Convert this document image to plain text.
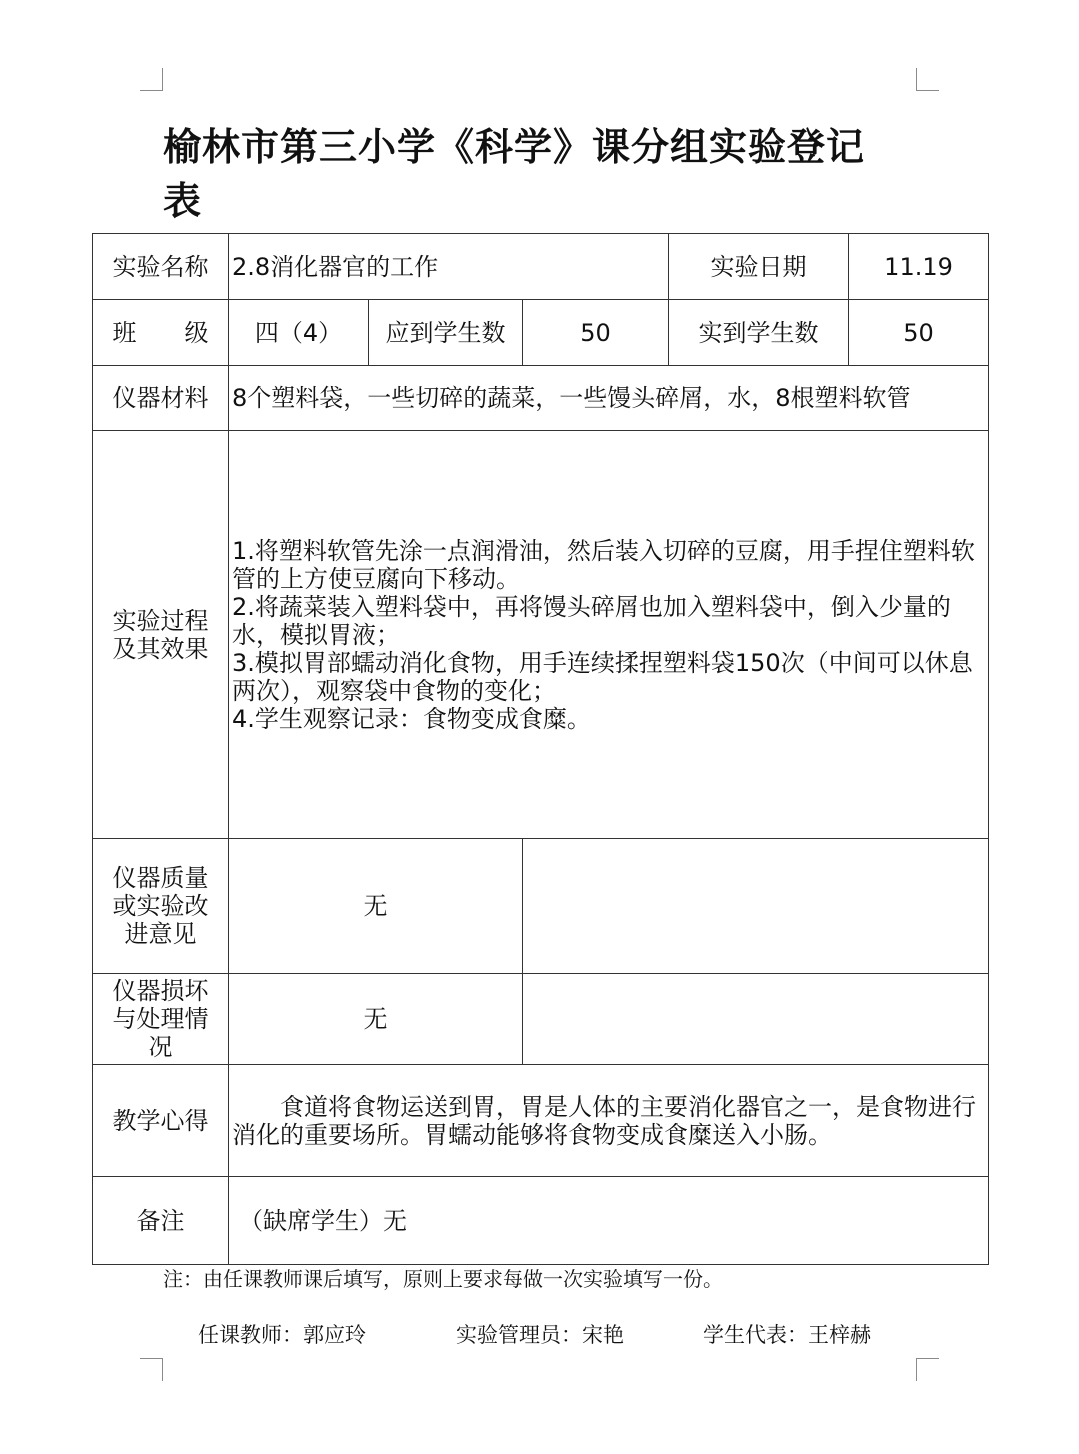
榆林市第三小学《科学》课分组实验登记表
实验名称	2.8消化器官的工作			实验日期	11.19
班　　级	四（4）	应到学生数	50	实到学生数	50
仪器材料	8个塑料袋，一些切碎的蔬菜，一些馒头碎屑，水，8根塑料软管				

实验过程
及其效果	1.将塑料软管先涂一点润滑油，然后装入切碎的豆腐，用手捏住塑料软管的上方使豆腐向下移动。
2.将蔬菜装入塑料袋中，再将馒头碎屑也加入塑料袋中，倒入少量的水，模拟胃液；
3.模拟胃部蠕动消化食物，用手连续揉捏塑料袋150次（中间可以休息两次），观察袋中食物的变化；
4.学生观察记录：食物变成食糜。				

仪器质量
或实验改
进意见	无				

仪器损坏
与处理情
况	无				
教学心得	食道将食物运送到胃，胃是人体的主要消化器官之一，是食物进行消化的重要场所。胃蠕动能够将食物变成食糜送入小肠。				
备注	（缺席学生）无				
注：由任课教师课后填写，原则上要求每做一次实验填写一份。
任课教师：郭应玲	实验管理员：宋艳	学生代表：王梓赫
